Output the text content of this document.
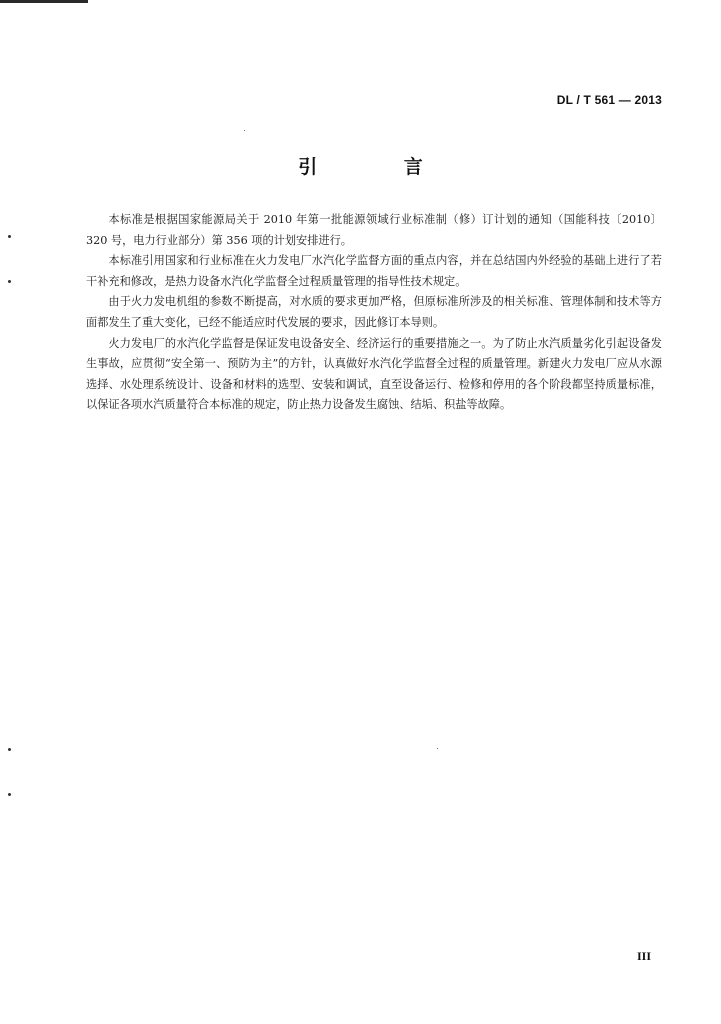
DL / T 561 — 2013
引 言

本标准是根据国家能源局关于 2010 年第一批能源领域行业标准制（修）订计划的通知（国能科技〔2010〕320 号，电力行业部分）第 356 项的计划安排进行。

本标准引用国家和行业标准在火力发电厂水汽化学监督方面的重点内容，并在总结国内外经验的基础上进行了若干补充和修改，是热力设备水汽化学监督全过程质量管理的指导性技术规定。

由于火力发电机组的参数不断提高，对水质的要求更加严格，但原标准所涉及的相关标准、管理体制和技术等方面都发生了重大变化，已经不能适应时代发展的要求，因此修订本导则。

火力发电厂的水汽化学监督是保证发电设备安全、经济运行的重要措施之一。为了防止水汽质量劣化引起设备发生事故，应贯彻“安全第一、预防为主”的方针，认真做好水汽化学监督全过程的质量管理。新建火力发电厂应从水源选择、水处理系统设计、设备和材料的选型、安装和调试，直至设备运行、检修和停用的各个阶段都坚持质量标准，以保证各项水汽质量符合本标准的规定，防止热力设备发生腐蚀、结垢、积盐等故障。

III
